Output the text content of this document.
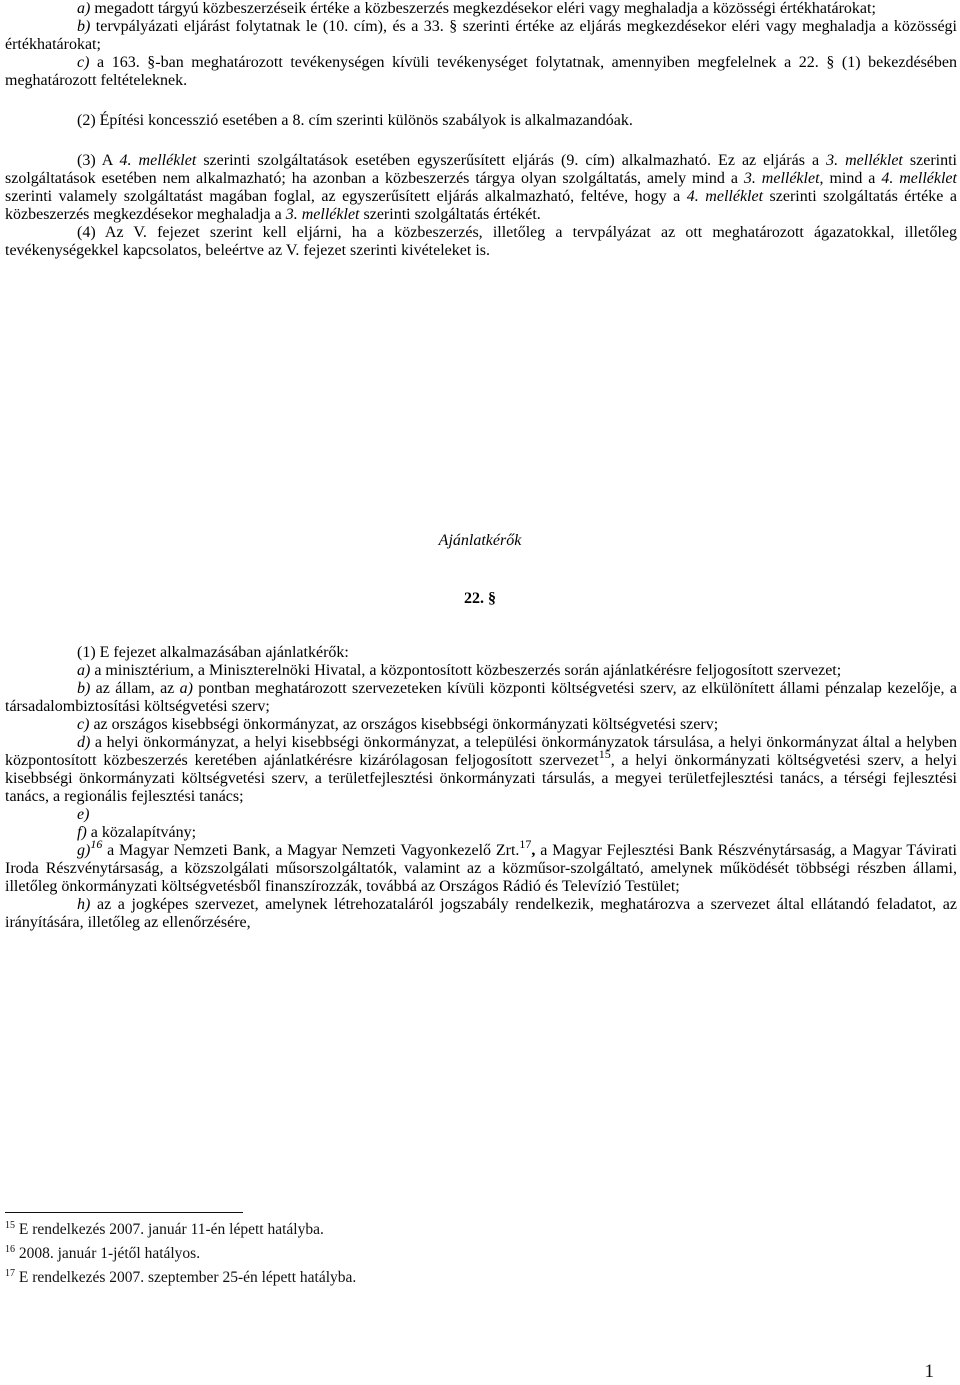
a) megadott tárgyú közbeszerzéseik értéke a közbeszerzés megkezdésekor eléri vagy meghaladja a közösségi értékhatárokat;

b) tervpályázati eljárást folytatnak le (10. cím), és a 33. § szerinti értéke az eljárás megkezdésekor eléri vagy meghaladja a közösségi értékhatárokat;

c) a 163. §-ban meghatározott tevékenységen kívüli tevékenységet folytatnak, amennyiben megfelelnek a 22. § (1) bekezdésében meghatározott feltételeknek.

(2) Építési koncesszió esetében a 8. cím szerinti különös szabályok is alkalmazandóak.

(3) A 4. melléklet szerinti szolgáltatások esetében egyszerűsített eljárás (9. cím) alkalmazható. Ez az eljárás a 3. melléklet szerinti szolgáltatások esetében nem alkalmazható; ha azonban a közbeszerzés tárgya olyan szolgáltatás, amely mind a 3. melléklet, mind a 4. melléklet szerinti valamely szolgáltatást magában foglal, az egyszerűsített eljárás alkalmazható, feltéve, hogy a 4. melléklet szerinti szolgáltatás értéke a közbeszerzés megkezdésekor meghaladja a 3. melléklet szerinti szolgáltatás értékét.

(4) Az V. fejezet szerint kell eljárni, ha a közbeszerzés, illetőleg a tervpályázat az ott meghatározott ágazatokkal, illetőleg tevékenységekkel kapcsolatos, beleértve az V. fejezet szerinti kivételeket is.

Ajánlatkérők
22. §

(1) E fejezet alkalmazásában ajánlatkérők:

a) a minisztérium, a Miniszterelnöki Hivatal, a központosított közbeszerzés során ajánlatkérésre feljogosított szervezet;

b) az állam, az a) pontban meghatározott szervezeteken kívüli központi költségvetési szerv, az elkülönített állami pénzalap kezelője, a társadalombiztosítási költségvetési szerv;

c) az országos kisebbségi önkormányzat, az országos kisebbségi önkormányzati költségvetési szerv;

d) a helyi önkormányzat, a helyi kisebbségi önkormányzat, a települési önkormányzatok társulása, a helyi önkormányzat által a helyben központosított közbeszerzés keretében ajánlatkérésre kizárólagosan feljogosított szervezet$^{15}$, a helyi önkormányzati költségvetési szerv, a helyi kisebbségi önkormányzati költségvetési szerv, a területfejlesztési önkormányzati társulás, a megyei területfejlesztési tanács, a térségi fejlesztési tanács, a regionális fejlesztési tanács;

e)

f) a közalapítvány;

g)$^{16}$ a Magyar Nemzeti Bank, a Magyar Nemzeti Vagyonkezelő Zrt.$^{17}$, a Magyar Fejlesztési Bank Részvénytársaság, a Magyar Távirati Iroda Részvénytársaság, a közszolgálati műsorszolgáltatók, valamint az a közműsor-szolgáltató, amelynek működését többségi részben állami, illetőleg önkormányzati költségvetésből finanszírozzák, továbbá az Országos Rádió és Televízió Testület;

h) az a jogképes szervezet, amelynek létrehozataláról jogszabály rendelkezik, meghatározva a szervezet által ellátandó feladatot, az irányítására, illetőleg az ellenőrzésére,

$^{15}$ E rendelkezés 2007. január 11-én lépett hatályba.
$^{16}$ 2008. január 1-jétől hatályos.
$^{17}$ E rendelkezés 2007. szeptember 25-én lépett hatályba.
1
